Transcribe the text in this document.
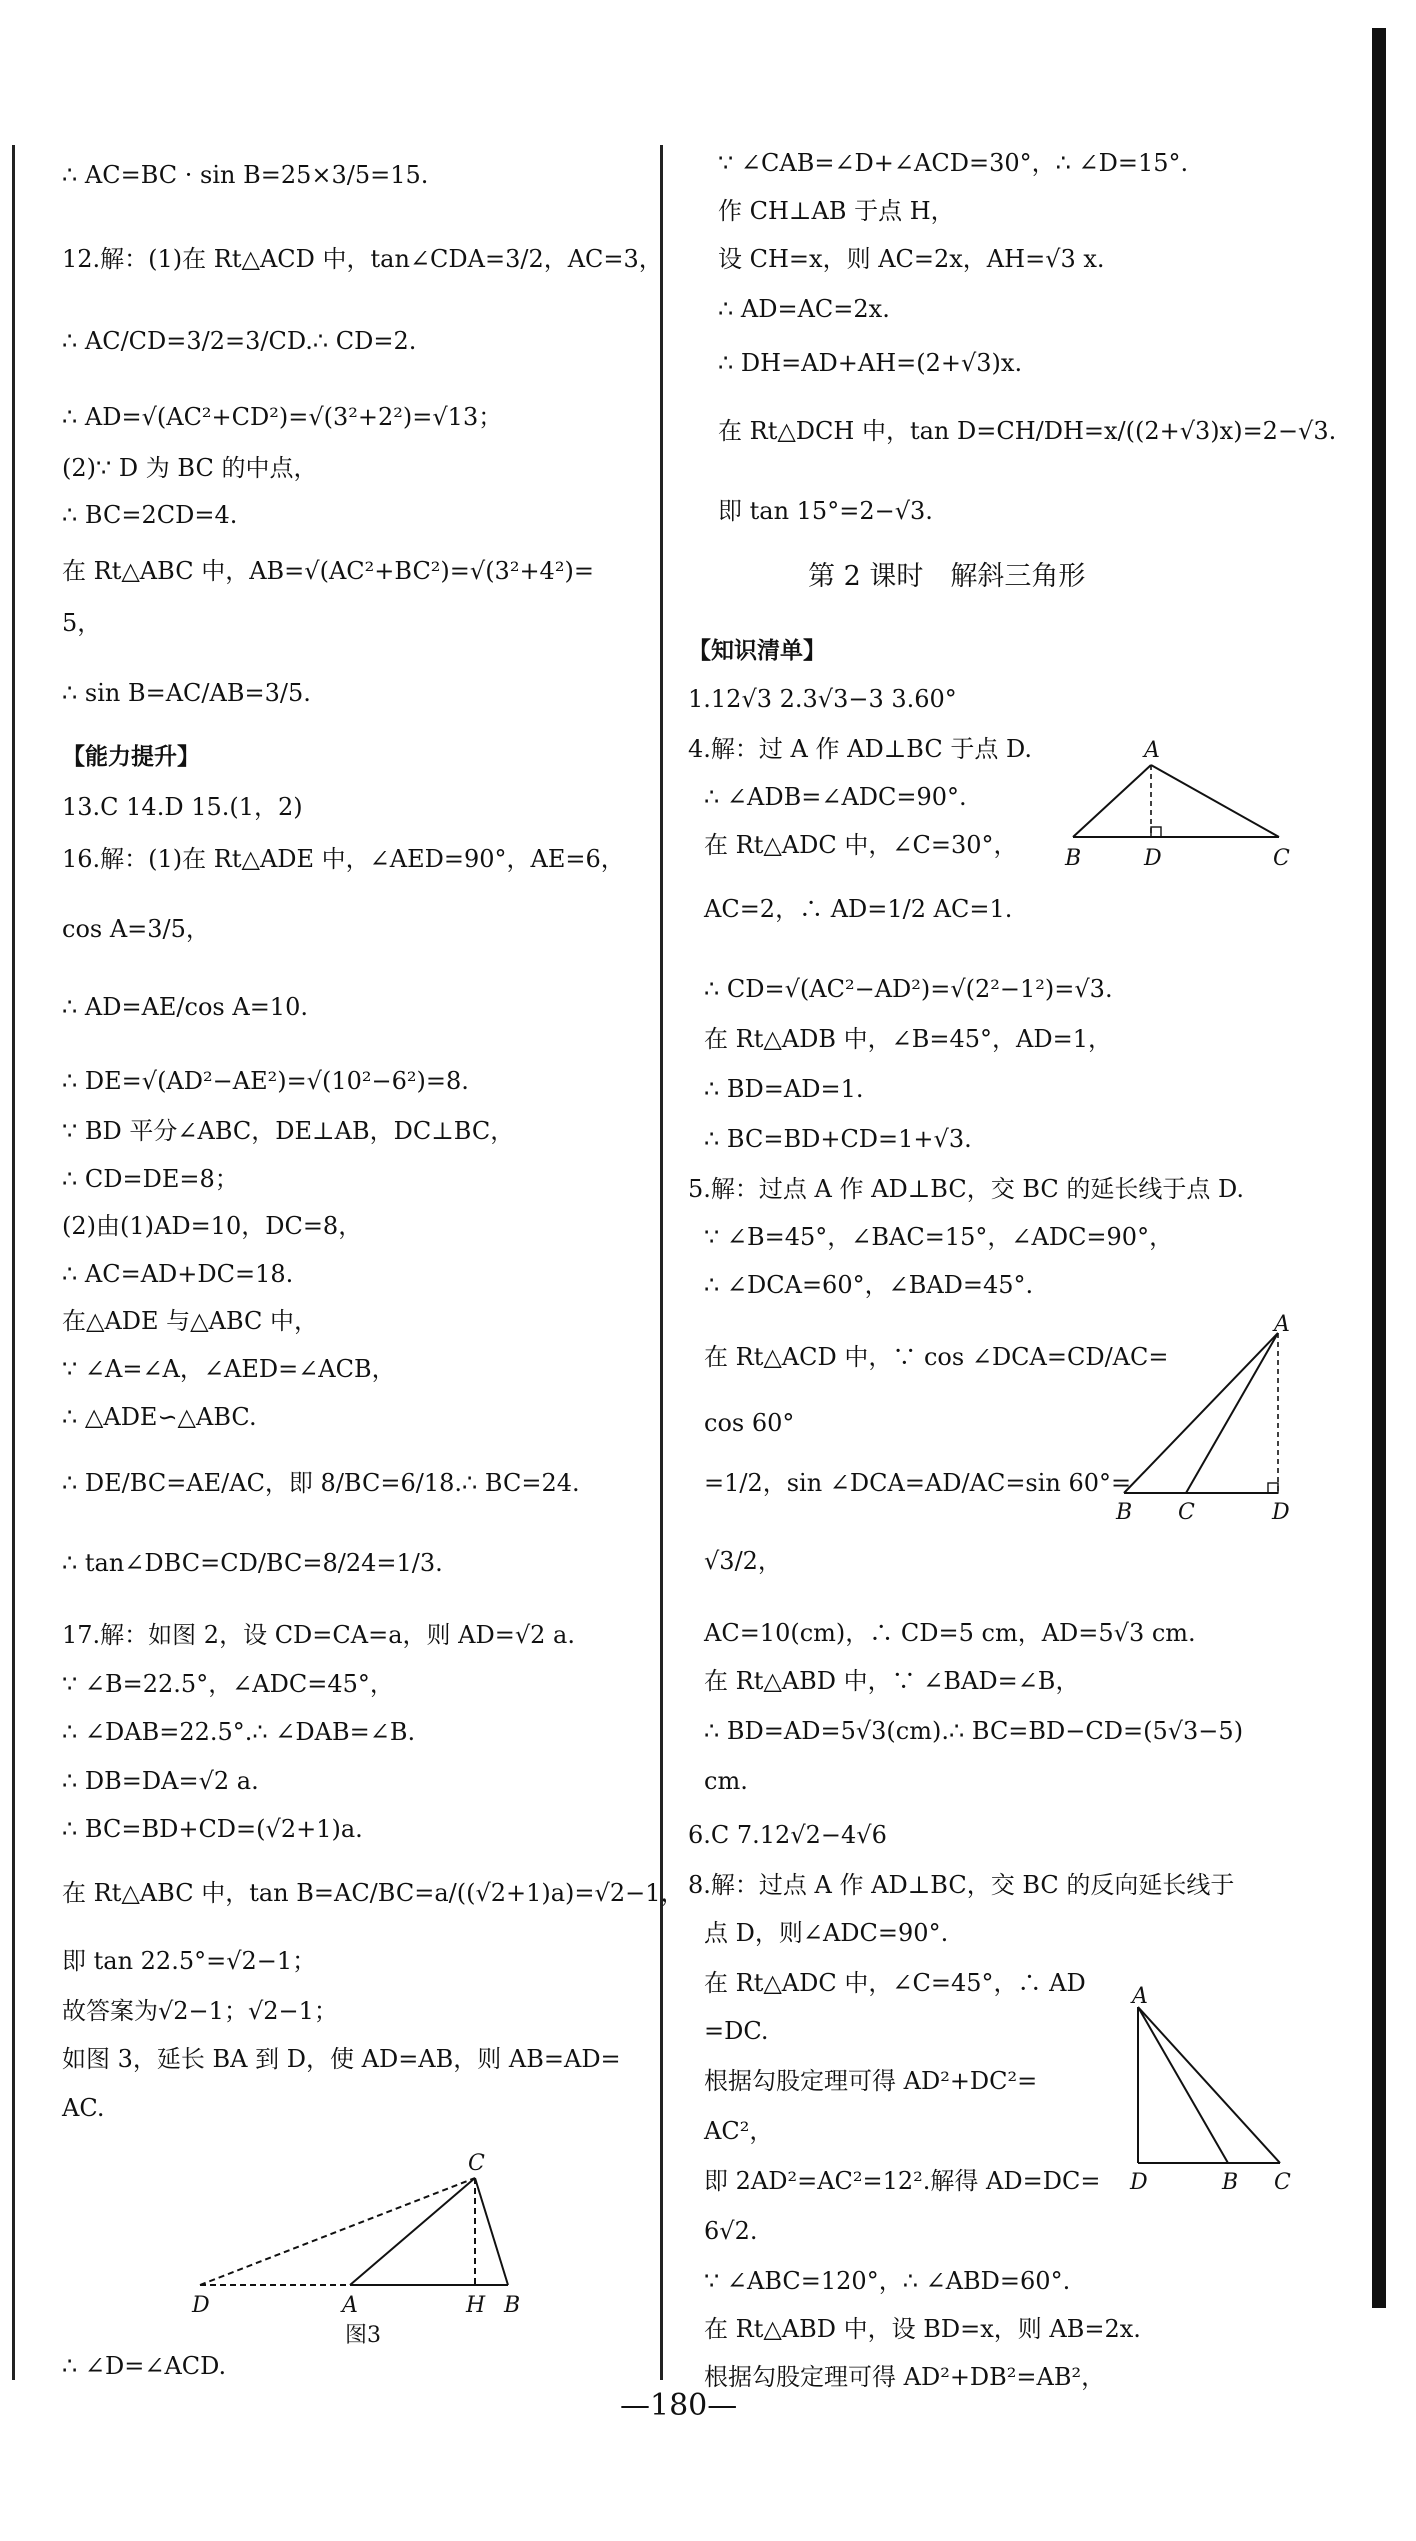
∴ AC=BC · sin B=25×3/5=15.
12.解：(1)在 Rt△ACD 中，tan∠CDA=3/2，AC=3，
∴ AC/CD=3/2=3/CD.∴ CD=2.
∴ AD=√(AC²+CD²)=√(3²+2²)=√13；
(2)∵ D 为 BC 的中点，
∴ BC=2CD=4.
在 Rt△ABC 中，AB=√(AC²+BC²)=√(3²+4²)=
5，
∴ sin B=AC/AB=3/5.
【能力提升】
13.C 14.D 15.(1，2)
16.解：(1)在 Rt△ADE 中，∠AED=90°，AE=6，
cos A=3/5，
∴ AD=AE/cos A=10.
∴ DE=√(AD²−AE²)=√(10²−6²)=8.
∵ BD 平分∠ABC，DE⊥AB，DC⊥BC，
∴ CD=DE=8；
(2)由(1)AD=10，DC=8，
∴ AC=AD+DC=18.
在△ADE 与△ABC 中，
∵ ∠A=∠A，∠AED=∠ACB，
∴ △ADE∽△ABC.
∴ DE/BC=AE/AC，即 8/BC=6/18.∴ BC=24.
∴ tan∠DBC=CD/BC=8/24=1/3.
17.解：如图 2，设 CD=CA=a，则 AD=√2 a.
∵ ∠B=22.5°，∠ADC=45°，
∴ ∠DAB=22.5°.∴ ∠DAB=∠B.
∴ DB=DA=√2 a.
∴ BC=BD+CD=(√2+1)a.
在 Rt△ABC 中，tan B=AC/BC=a/((√2+1)a)=√2−1，
即 tan 22.5°=√2−1；
故答案为√2−1；√2−1；
如图 3，延长 BA 到 D，使 AD=AB，则 AB=AD=
AC.
∴ ∠D=∠ACD.
D	A	H B
C
图3
∵ ∠CAB=∠D+∠ACD=30°，∴ ∠D=15°.
作 CH⊥AB 于点 H，
设 CH=x，则 AC=2x，AH=√3 x.
∴ AD=AC=2x.
∴ DH=AD+AH=(2+√3)x.
在 Rt△DCH 中，tan D=CH/DH=x/((2+√3)x)=2−√3.
即 tan 15°=2−√3.
第 2 课时　解斜三角形
【知识清单】
1.12√3 2.3√3−3 3.60°
4.解：过 A 作 AD⊥BC 于点 D.
∴ ∠ADB=∠ADC=90°.
在 Rt△ADC 中，∠C=30°，
AC=2，∴ AD=1/2 AC=1.
∴ CD=√(AC²−AD²)=√(2²−1²)=√3.
在 Rt△ADB 中，∠B=45°，AD=1，
∴ BD=AD=1.
∴ BC=BD+CD=1+√3.
5.解：过点 A 作 AD⊥BC，交 BC 的延长线于点 D.
∵ ∠B=45°，∠BAC=15°，∠ADC=90°，
∴ ∠DCA=60°，∠BAD=45°.
在 Rt△ACD 中，∵ cos ∠DCA=CD/AC=
cos 60°
=1/2，sin ∠DCA=AD/AC=sin 60°=
√3/2，
AC=10(cm)，∴ CD=5 cm，AD=5√3 cm.
在 Rt△ABD 中，∵ ∠BAD=∠B，
∴ BD=AD=5√3(cm).∴ BC=BD−CD=(5√3−5)
cm.
6.C 7.12√2−4√6
8.解：过点 A 作 AD⊥BC，交 BC 的反向延长线于
点 D，则∠ADC=90°.
在 Rt△ADC 中，∠C=45°，∴ AD
=DC.
根据勾股定理可得 AD²+DC²=
AC²，
即 2AD²=AC²=12².解得 AD=DC=
6√2.
∵ ∠ABC=120°，∴ ∠ABD=60°.
在 Rt△ABD 中，设 BD=x，则 AB=2x.
根据勾股定理可得 AD²+DB²=AB²，
A
B	D	C
A
B C	D
A
D	B C
—180—
